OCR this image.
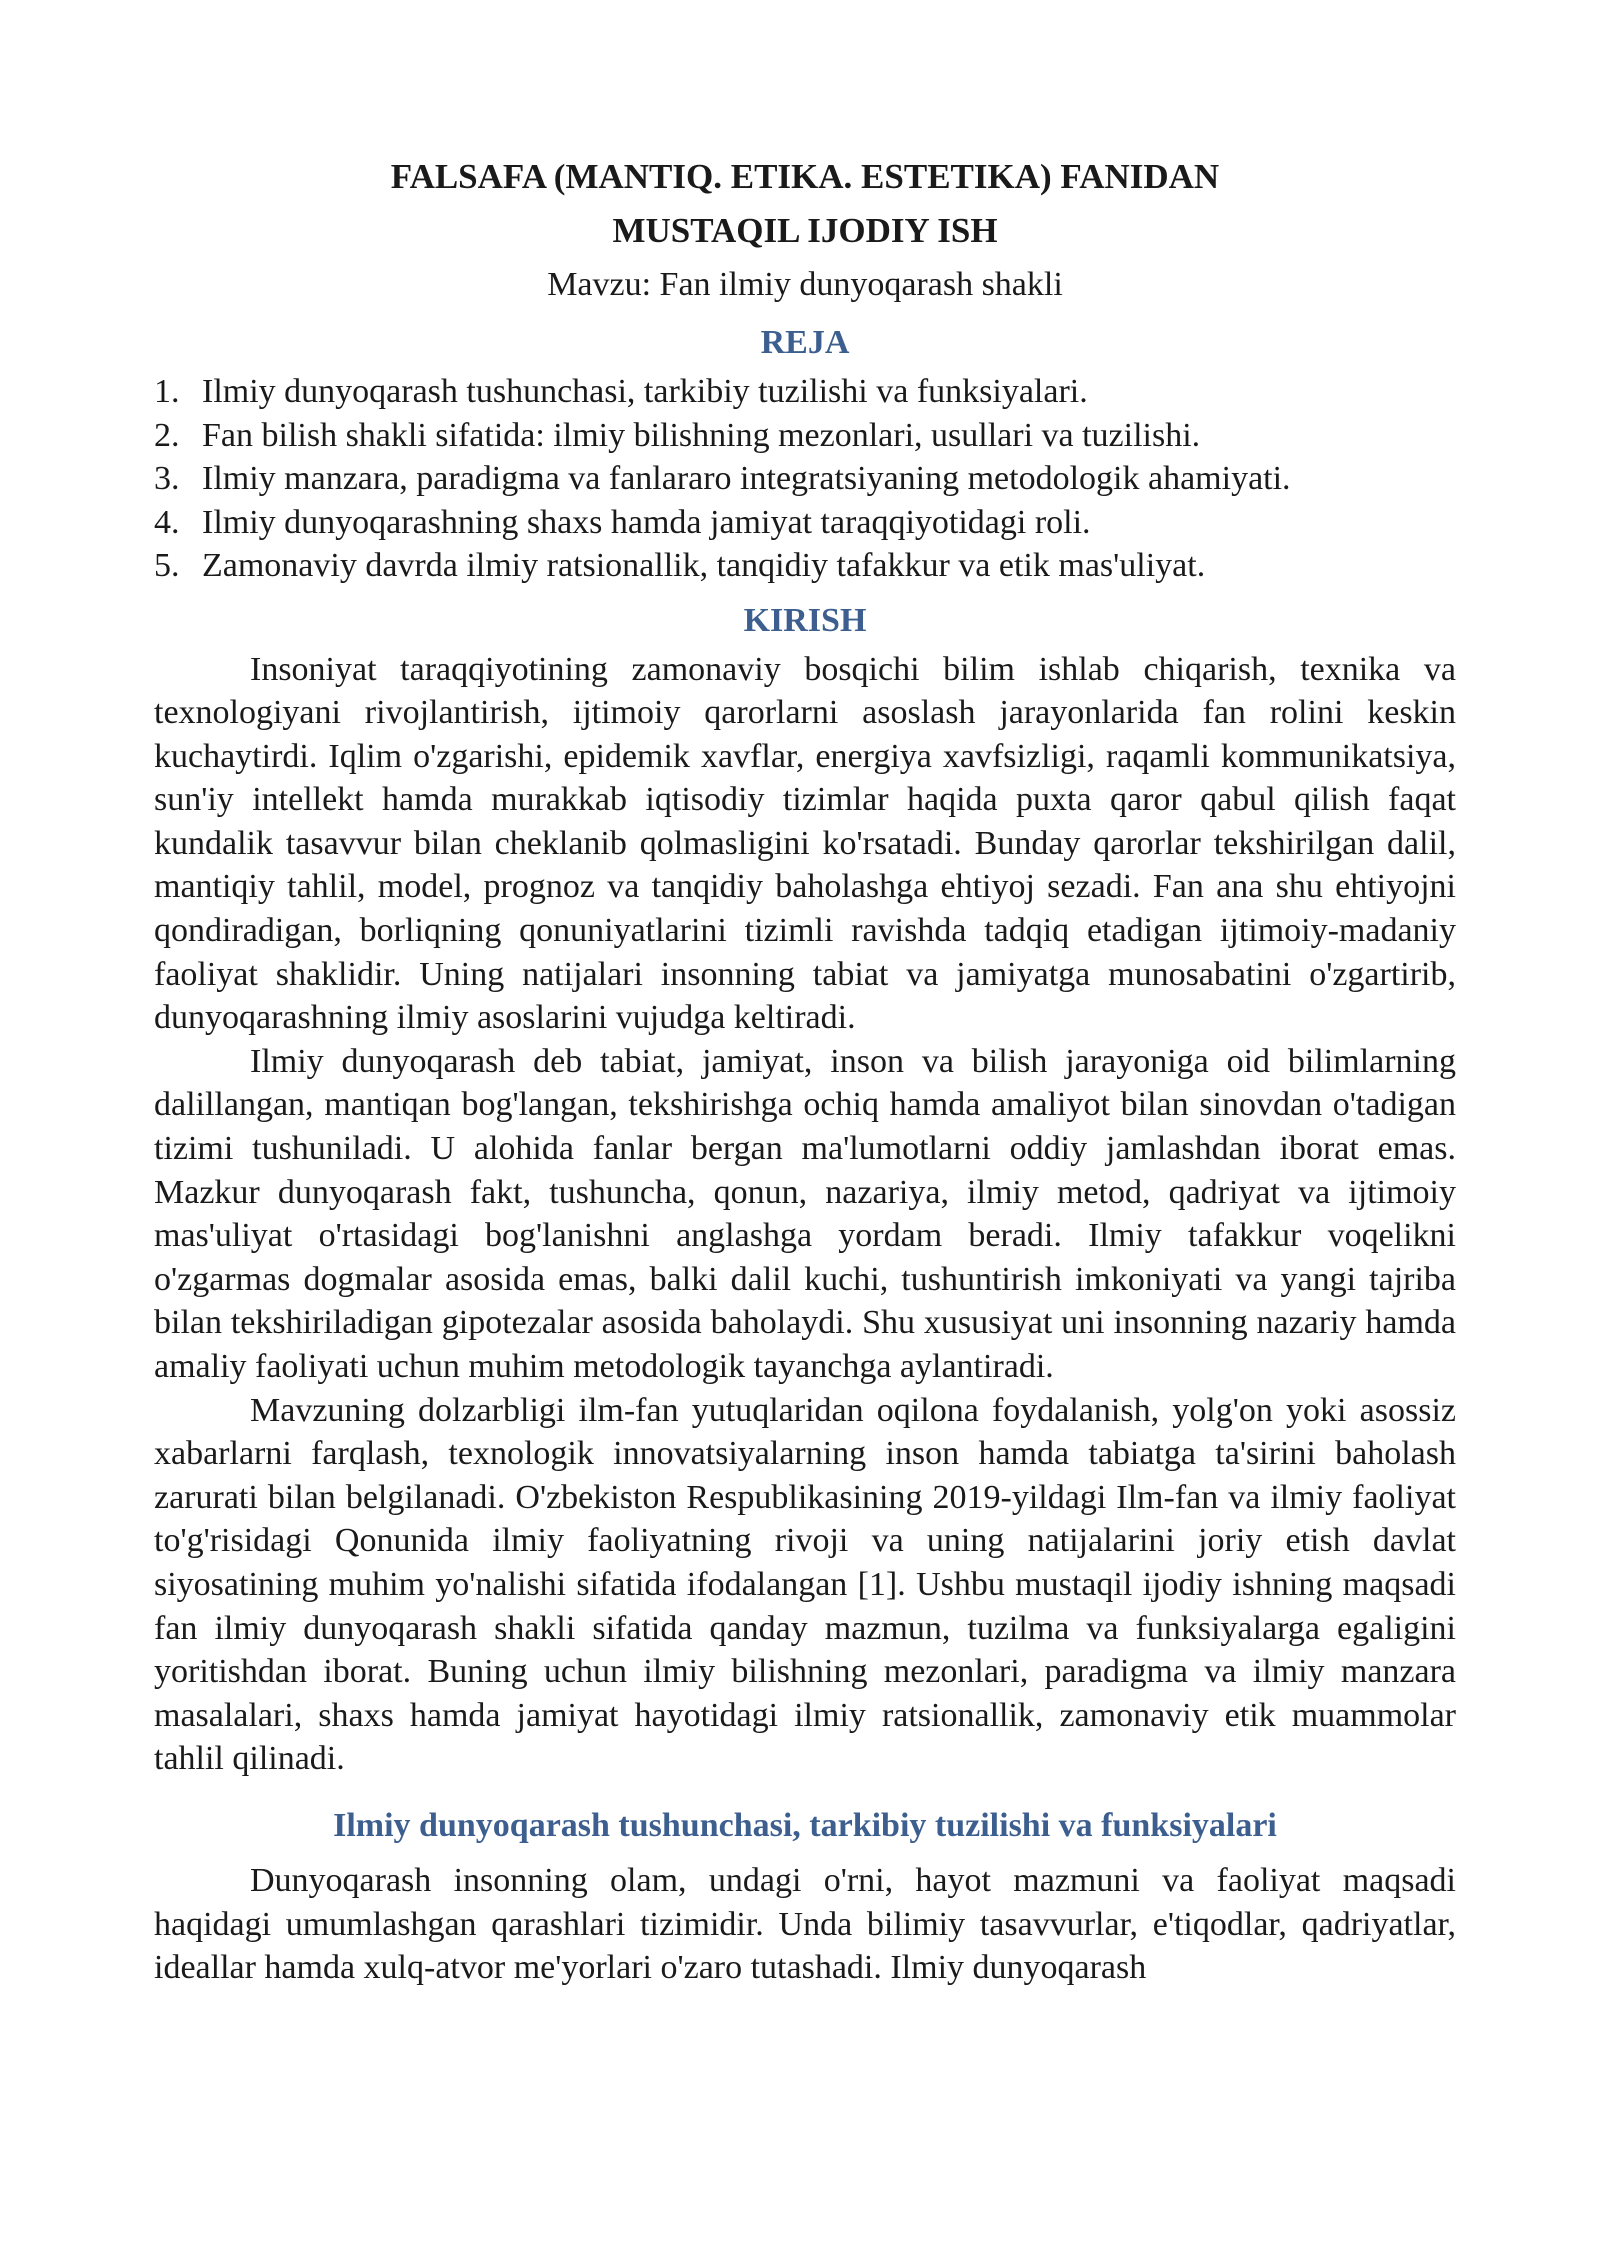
FALSAFA (MANTIQ. ETIKA. ESTETIKA) FANIDAN

MUSTAQIL IJODIY ISH

Mavzu: Fan ilmiy dunyoqarash shakli

REJA

1. Ilmiy dunyoqarash tushunchasi, tarkibiy tuzilishi va funksiyalari.
2. Fan bilish shakli sifatida: ilmiy bilishning mezonlari, usullari va tuzilishi.
3. Ilmiy manzara, paradigma va fanlararo integratsiyaning metodologik ahamiyati.
4. Ilmiy dunyoqarashning shaxs hamda jamiyat taraqqiyotidagi roli.
5. Zamonaviy davrda ilmiy ratsionallik, tanqidiy tafakkur va etik mas'uliyat.

KIRISH

Insoniyat taraqqiyotining zamonaviy bosqichi bilim ishlab chiqarish, texnika va texnologiyani rivojlantirish, ijtimoiy qarorlarni asoslash jarayonlarida fan rolini keskin kuchaytirdi. Iqlim o'zgarishi, epidemik xavflar, energiya xavfsizligi, raqamli kommunikatsiya, sun'iy intellekt hamda murakkab iqtisodiy tizimlar haqida puxta qaror qabul qilish faqat kundalik tasavvur bilan cheklanib qolmasligini ko'rsatadi. Bunday qarorlar tekshirilgan dalil, mantiqiy tahlil, model, prognoz va tanqidiy baholashga ehtiyoj sezadi. Fan ana shu ehtiyojni qondiradigan, borliqning qonuniyatlarini tizimli ravishda tadqiq etadigan ijtimoiy-madaniy faoliyat shaklidir. Uning natijalari insonning tabiat va jamiyatga munosabatini o'zgartirib, dunyoqarashning ilmiy asoslarini vujudga keltiradi.

Ilmiy dunyoqarash deb tabiat, jamiyat, inson va bilish jarayoniga oid bilimlarning dalillangan, mantiqan bog'langan, tekshirishga ochiq hamda amaliyot bilan sinovdan o'tadigan tizimi tushuniladi. U alohida fanlar bergan ma'lumotlarni oddiy jamlashdan iborat emas. Mazkur dunyoqarash fakt, tushuncha, qonun, nazariya, ilmiy metod, qadriyat va ijtimoiy mas'uliyat o'rtasidagi bog'lanishni anglashga yordam beradi. Ilmiy tafakkur voqelikni o'zgarmas dogmalar asosida emas, balki dalil kuchi, tushuntirish imkoniyati va yangi tajriba bilan tekshiriladigan gipotezalar asosida baholaydi. Shu xususiyat uni insonning nazariy hamda amaliy faoliyati uchun muhim metodologik tayanchga aylantiradi.

Mavzuning dolzarbligi ilm-fan yutuqlaridan oqilona foydalanish, yolg'on yoki asossiz xabarlarni farqlash, texnologik innovatsiyalarning inson hamda tabiatga ta'sirini baholash zarurati bilan belgilanadi. O'zbekiston Respublikasining 2019-yildagi Ilm-fan va ilmiy faoliyat to'g'risidagi Qonunida ilmiy faoliyatning rivoji va uning natijalarini joriy etish davlat siyosatining muhim yo'nalishi sifatida ifodalangan [1]. Ushbu mustaqil ijodiy ishning maqsadi fan ilmiy dunyoqarash shakli sifatida qanday mazmun, tuzilma va funksiyalarga egaligini yoritishdan iborat. Buning uchun ilmiy bilishning mezonlari, paradigma va ilmiy manzara masalalari, shaxs hamda jamiyat hayotidagi ilmiy ratsionallik, zamonaviy etik muammolar tahlil qilinadi.

Ilmiy dunyoqarash tushunchasi, tarkibiy tuzilishi va funksiyalari

Dunyoqarash insonning olam, undagi o'rni, hayot mazmuni va faoliyat maqsadi haqidagi umumlashgan qarashlari tizimidir. Unda bilimiy tasavvurlar, e'tiqodlar, qadriyatlar, ideallar hamda xulq-atvor me'yorlari o'zaro tutashadi. Ilmiy dunyoqarash
